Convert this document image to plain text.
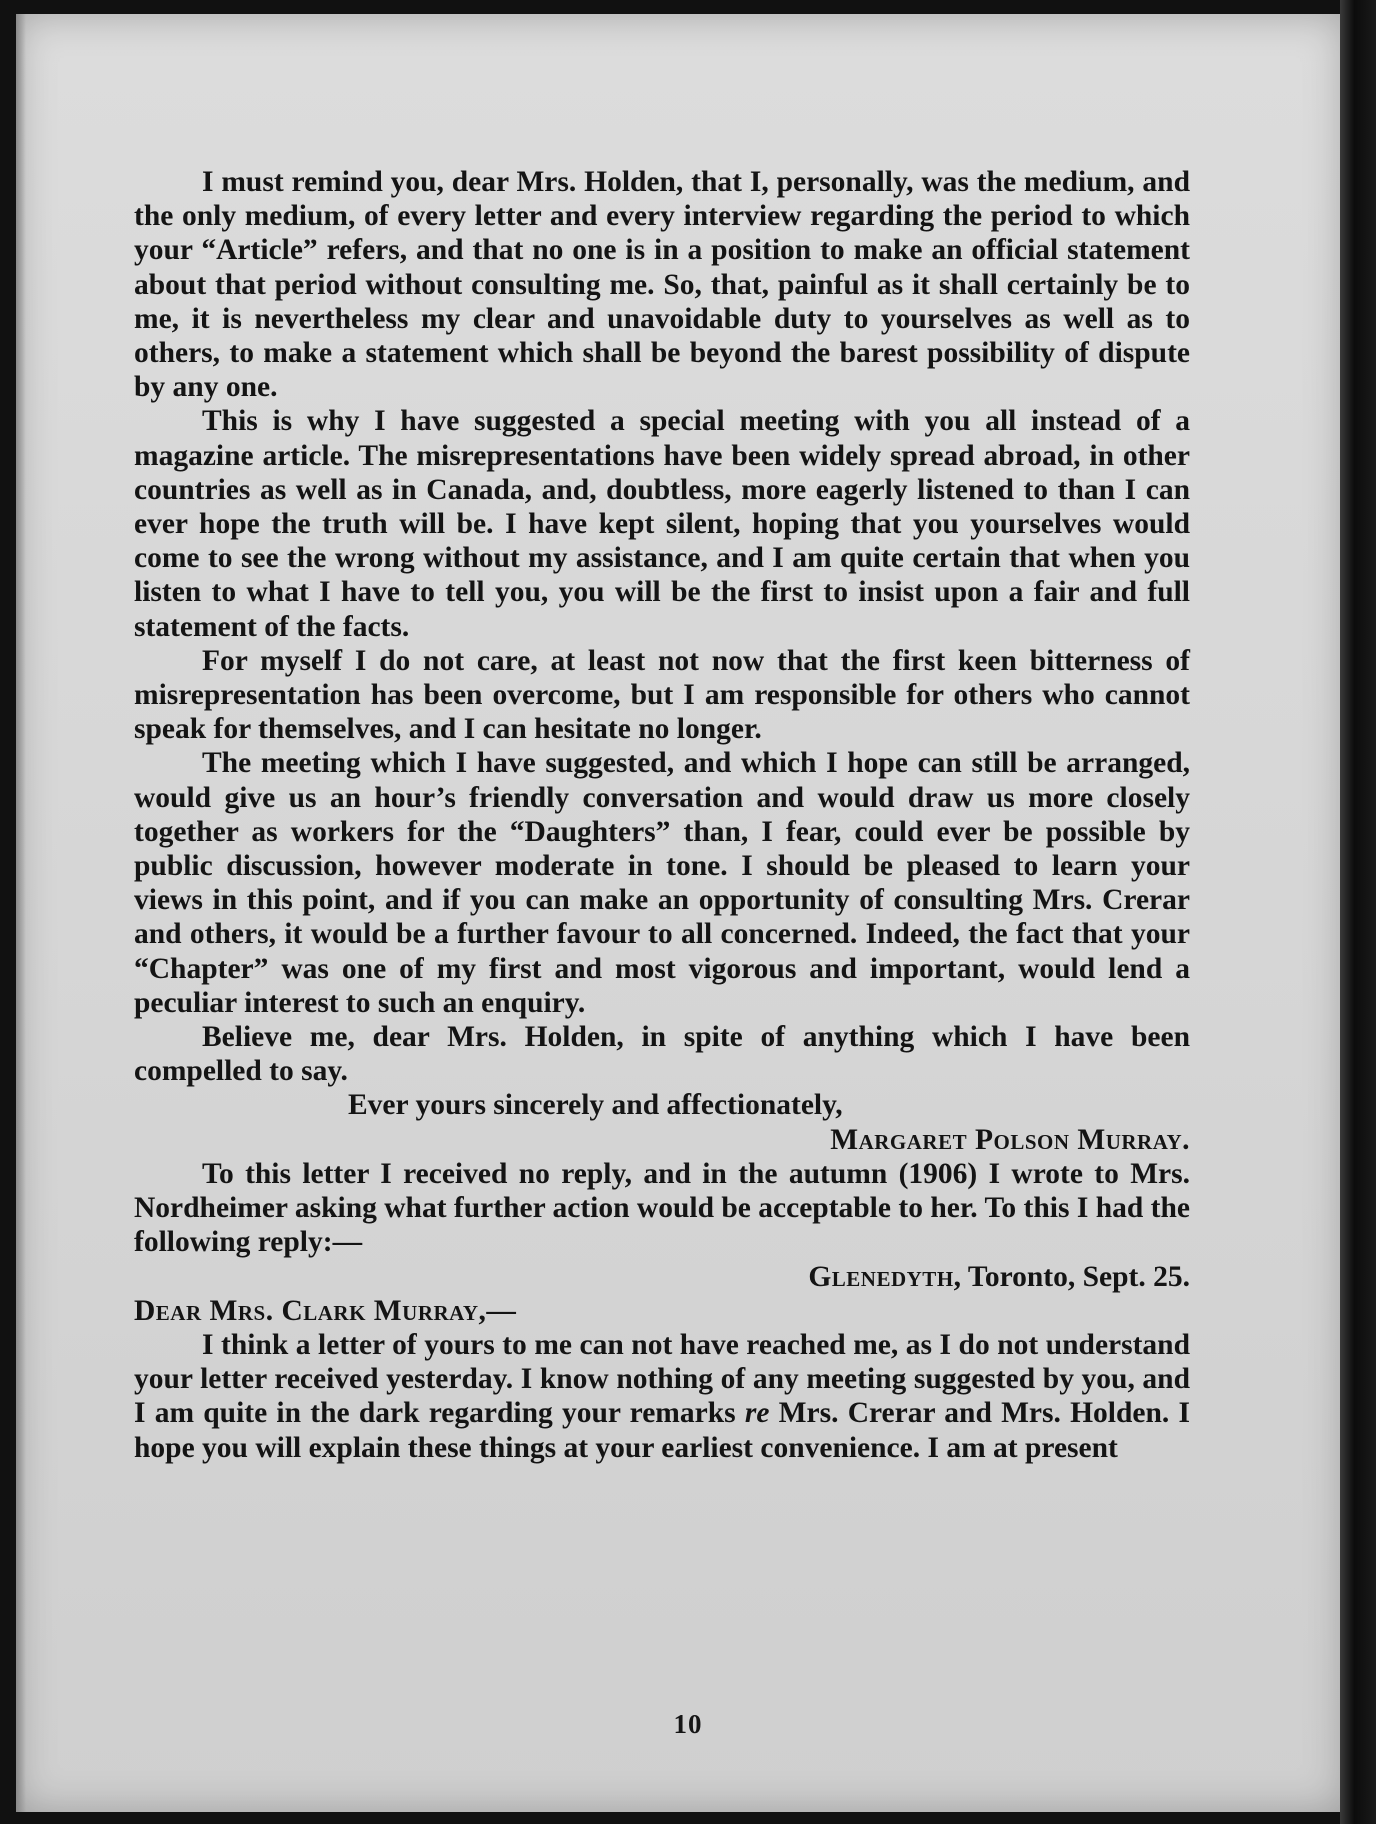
I must remind you, dear Mrs. Holden, that I, personally, was the medium, and the only medium, of every letter and every interview regarding the period to which your “Article” refers, and that no one is in a position to make an official statement about that period without consulting me. So, that, painful as it shall certainly be to me, it is nevertheless my clear and unavoidable duty to yourselves as well as to others, to make a statement which shall be beyond the barest possibility of dispute by any one.

This is why I have suggested a special meeting with you all instead of a magazine article. The misrepresentations have been widely spread abroad, in other countries as well as in Canada, and, doubtless, more eagerly listened to than I can ever hope the truth will be. I have kept silent, hoping that you yourselves would come to see the wrong without my assistance, and I am quite certain that when you listen to what I have to tell you, you will be the first to insist upon a fair and full statement of the facts.

For myself I do not care, at least not now that the first keen bitterness of misrepresentation has been overcome, but I am responsible for others who cannot speak for themselves, and I can hesitate no longer.

The meeting which I have suggested, and which I hope can still be arranged, would give us an hour’s friendly conversation and would draw us more closely together as workers for the “Daughters” than, I fear, could ever be possible by public discussion, however moderate in tone. I should be pleased to learn your views in this point, and if you can make an opportunity of consulting Mrs. Crerar and others, it would be a further favour to all concerned. Indeed, the fact that your “Chapter” was one of my first and most vigorous and important, would lend a peculiar interest to such an enquiry.

Believe me, dear Mrs. Holden, in spite of anything which I have been compelled to say.

Ever yours sincerely and affectionately,

Margaret Polson Murray.

To this letter I received no reply, and in the autumn (1906) I wrote to Mrs. Nordheimer asking what further action would be acceptable to her. To this I had the following reply:—

Glenedyth, Toronto, Sept. 25.

Dear Mrs. Clark Murray,—

I think a letter of yours to me can not have reached me, as I do not understand your letter received yesterday. I know nothing of any meeting suggested by you, and I am quite in the dark regarding your remarks re Mrs. Crerar and Mrs. Holden. I hope you will explain these things at your earliest convenience. I am at present

10
